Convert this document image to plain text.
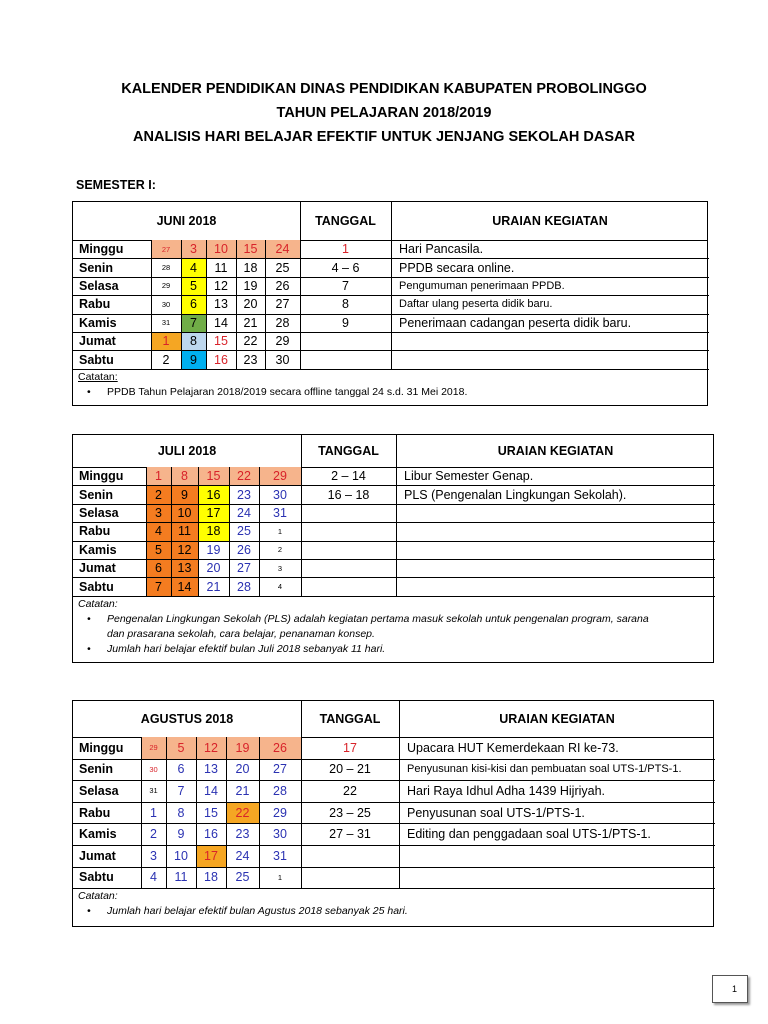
KALENDER PENDIDIKAN DINAS PENDIDIKAN KABUPATEN PROBOLINGGO
TAHUN PELAJARAN 2018/2019
ANALISIS HARI BELAJAR EFEKTIF UNTUK JENJANG SEKOLAH DASAR
SEMESTER I:
JUNI 2018	TANGGAL	URAIAN KEGIATAN
Minggu	27	3	10	15	24	1	Hari Pancasila.
Senin	28	4	11	18	25	4 – 6	PPDB secara online.
Selasa	29	5	12	19	26	7	Pengumuman penerimaan PPDB.
Rabu	30	6	13	20	27	8	Daftar ulang peserta didik baru.
Kamis	31	7	14	21	28	9	Penerimaan cadangan peserta didik baru.
Jumat	1	8	15	22	29
Sabtu	2	9	16	23	30
Catatan:
• PPDB Tahun Pelajaran 2018/2019 secara offline tanggal 24 s.d. 31 Mei 2018.
JULI 2018	TANGGAL	URAIAN KEGIATAN
Minggu	1	8	15	22	29	2 – 14	Libur Semester Genap.
Senin	2	9	16	23	30	16 – 18	PLS (Pengenalan Lingkungan Sekolah).
Selasa	3	10	17	24	31
Rabu	4	11	18	25	1
Kamis	5	12	19	26	2
Jumat	6	13	20	27	3
Sabtu	7	14	21	28	4
Catatan:
• Pengenalan Lingkungan Sekolah (PLS) adalah kegiatan pertama masuk sekolah untuk pengenalan program, sarana
dan prasarana sekolah, cara belajar, penanaman konsep.
• Jumlah hari belajar efektif bulan Juli 2018 sebanyak 11 hari.
AGUSTUS 2018	TANGGAL	URAIAN KEGIATAN
Minggu	29	5	12	19	26	17	Upacara HUT Kemerdekaan RI ke-73.
Senin	30	6	13	20	27	20 – 21	Penyusunan kisi-kisi dan pembuatan soal UTS-1/PTS-1.
Selasa	31	7	14	21	28	22	Hari Raya Idhul Adha 1439 Hijriyah.
Rabu	1	8	15	22	29	23 – 25	Penyusunan soal UTS-1/PTS-1.
Kamis	2	9	16	23	30	27 – 31	Editing dan penggadaan soal UTS-1/PTS-1.
Jumat	3	10	17	24	31
Sabtu	4	11	18	25	1
Catatan:
• Jumlah hari belajar efektif bulan Agustus 2018 sebanyak 25 hari.
1
